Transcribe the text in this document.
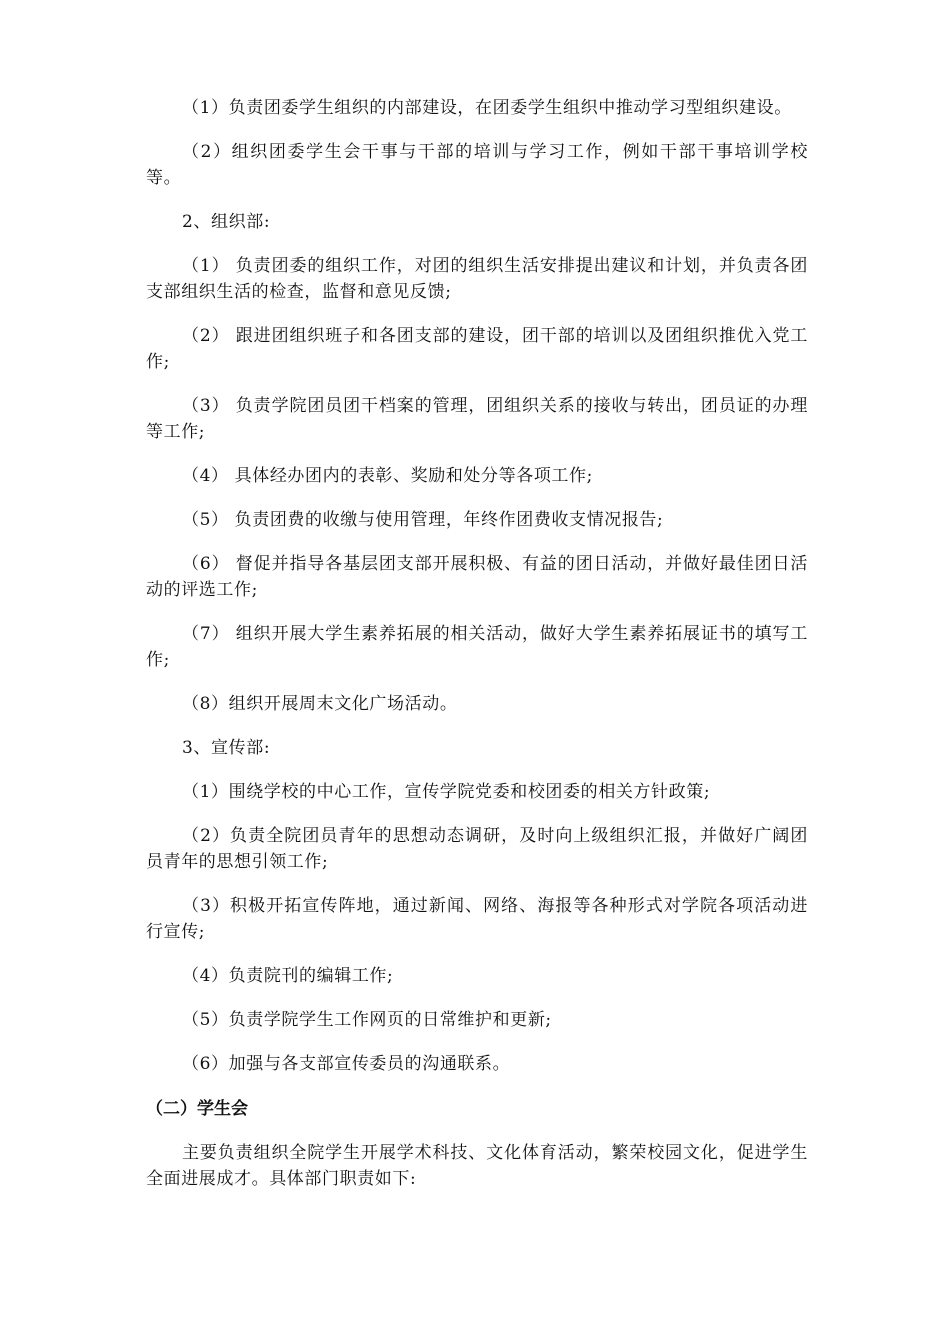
（1）负责团委学生组织的内部建设，在团委学生组织中推动学习型组织建设。

（2）组织团委学生会干事与干部的培训与学习工作，例如干部干事培训学校等。

2、组织部:

（1） 负责团委的组织工作，对团的组织生活安排提出建议和计划，并负责各团支部组织生活的检查，监督和意见反馈;

（2） 跟进团组织班子和各团支部的建设，团干部的培训以及团组织推优入党工作;

（3） 负责学院团员团干档案的管理，团组织关系的接收与转出，团员证的办理等工作;

（4） 具体经办团内的表彰、奖励和处分等各项工作;

（5） 负责团费的收缴与使用管理，年终作团费收支情况报告;

（6） 督促并指导各基层团支部开展积极、有益的团日活动，并做好最佳团日活动的评选工作;

（7） 组织开展大学生素养拓展的相关活动，做好大学生素养拓展证书的填写工作;

（8）组织开展周末文化广场活动。

3、宣传部:

（1）围绕学校的中心工作，宣传学院党委和校团委的相关方针政策;

（2）负责全院团员青年的思想动态调研，及时向上级组织汇报，并做好广阔团员青年的思想引领工作;

（3）积极开拓宣传阵地，通过新闻、网络、海报等各种形式对学院各项活动进行宣传;

（4）负责院刊的编辑工作;

（5）负责学院学生工作网页的日常维护和更新;

（6）加强与各支部宣传委员的沟通联系。

（二）学生会

主要负责组织全院学生开展学术科技、文化体育活动，繁荣校园文化，促进学生全面进展成才。具体部门职责如下:
